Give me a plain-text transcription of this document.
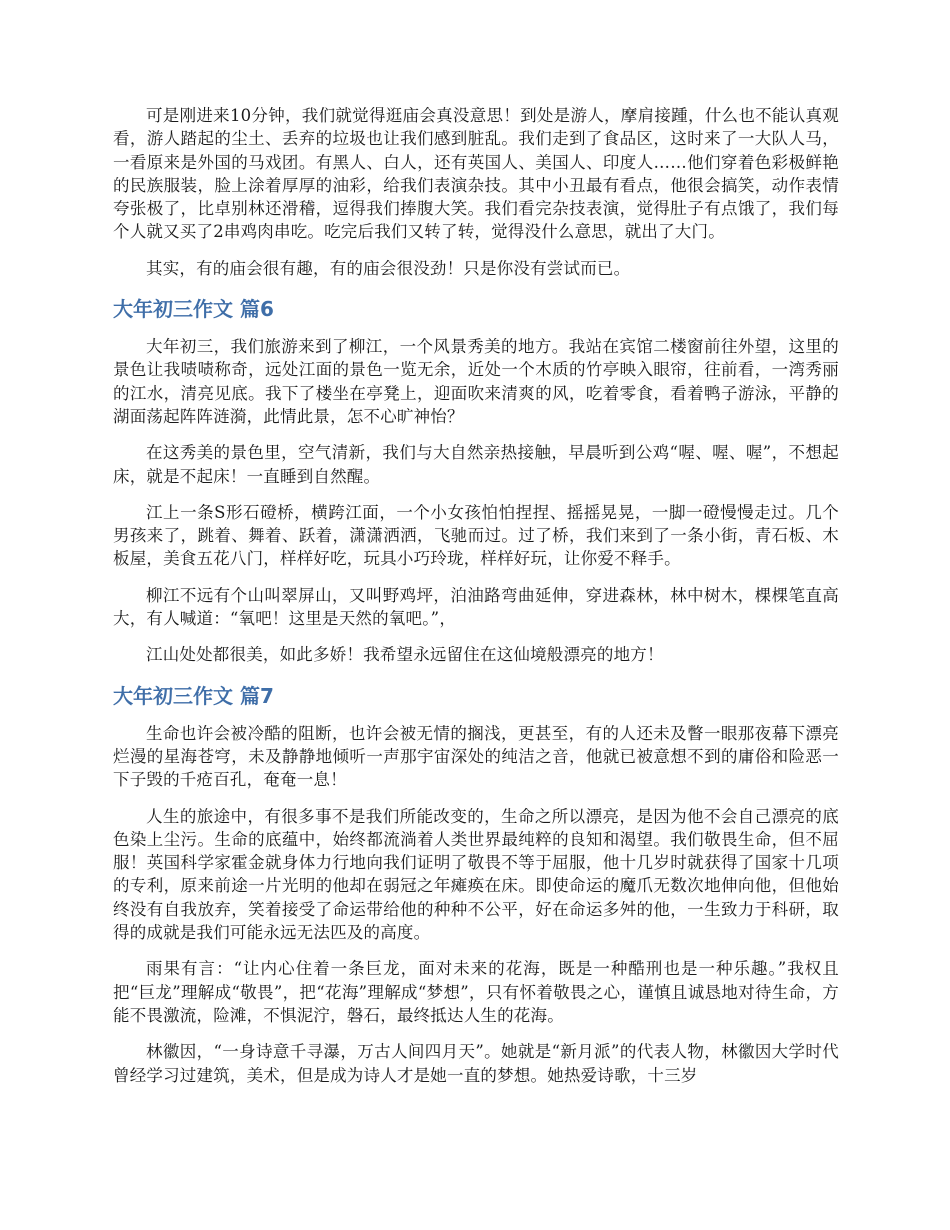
可是刚进来10分钟，我们就觉得逛庙会真没意思！到处是游人，摩肩接踵，什么也不能认真观看，游人踏起的尘土、丢弃的垃圾也让我们感到脏乱。我们走到了食品区，这时来了一大队人马，一看原来是外国的马戏团。有黑人、白人，还有英国人、美国人、印度人……他们穿着色彩极鲜艳的民族服装，脸上涂着厚厚的油彩，给我们表演杂技。其中小丑最有看点，他很会搞笑，动作表情夸张极了，比卓别林还滑稽，逗得我们捧腹大笑。我们看完杂技表演，觉得肚子有点饿了，我们每个人就又买了2串鸡肉串吃。吃完后我们又转了转，觉得没什么意思，就出了大门。

其实，有的庙会很有趣，有的庙会很没劲！只是你没有尝试而已。

大年初三作文 篇6

大年初三，我们旅游来到了柳江，一个风景秀美的地方。我站在宾馆二楼窗前往外望，这里的景色让我啧啧称奇，远处江面的景色一览无余，近处一个木质的竹亭映入眼帘，往前看，一湾秀丽的江水，清亮见底。我下了楼坐在亭凳上，迎面吹来清爽的风，吃着零食，看着鸭子游泳，平静的湖面荡起阵阵涟漪，此情此景，怎不心旷神怡？

在这秀美的景色里，空气清新，我们与大自然亲热接触，早晨听到公鸡“喔、喔、喔”，不想起床，就是不起床！一直睡到自然醒。

江上一条S形石磴桥，横跨江面，一个小女孩怕怕捏捏、摇摇晃晃，一脚一磴慢慢走过。几个男孩来了，跳着、舞着、跃着，潇潇洒洒，飞驰而过。过了桥，我们来到了一条小街，青石板、木板屋，美食五花八门，样样好吃，玩具小巧玲珑，样样好玩，让你爱不释手。

柳江不远有个山叫翠屏山，又叫野鸡坪，泊油路弯曲延伸，穿进森林，林中树木，棵棵笔直高大，有人喊道：“氧吧！这里是天然的氧吧。”，

江山处处都很美，如此多娇！我希望永远留住在这仙境般漂亮的地方！

大年初三作文 篇7

生命也许会被冷酷的阻断，也许会被无情的搁浅，更甚至，有的人还未及瞥一眼那夜幕下漂亮烂漫的星海苍穹，未及静静地倾听一声那宇宙深处的纯洁之音，他就已被意想不到的庸俗和险恶一下子毁的千疮百孔，奄奄一息！

人生的旅途中，有很多事不是我们所能改变的，生命之所以漂亮，是因为他不会自己漂亮的底色染上尘污。生命的底蕴中，始终都流淌着人类世界最纯粹的良知和渴望。我们敬畏生命，但不屈服！英国科学家霍金就身体力行地向我们证明了敬畏不等于屈服，他十几岁时就获得了国家十几项的专利，原来前途一片光明的他却在弱冠之年瘫痪在床。即使命运的魔爪无数次地伸向他，但他始终没有自我放弃，笑着接受了命运带给他的种种不公平，好在命运多舛的他，一生致力于科研，取得的成就是我们可能永远无法匹及的高度。

雨果有言：“让内心住着一条巨龙，面对未来的花海，既是一种酷刑也是一种乐趣。”我权且把“巨龙”理解成“敬畏”，把“花海”理解成“梦想”，只有怀着敬畏之心，谨慎且诚恳地对待生命，方能不畏激流，险滩，不惧泥泞，磐石，最终抵达人生的花海。

林徽因，“一身诗意千寻瀑，万古人间四月天”。她就是“新月派”的代表人物，林徽因大学时代曾经学习过建筑，美术，但是成为诗人才是她一直的梦想。她热爱诗歌，十三岁
